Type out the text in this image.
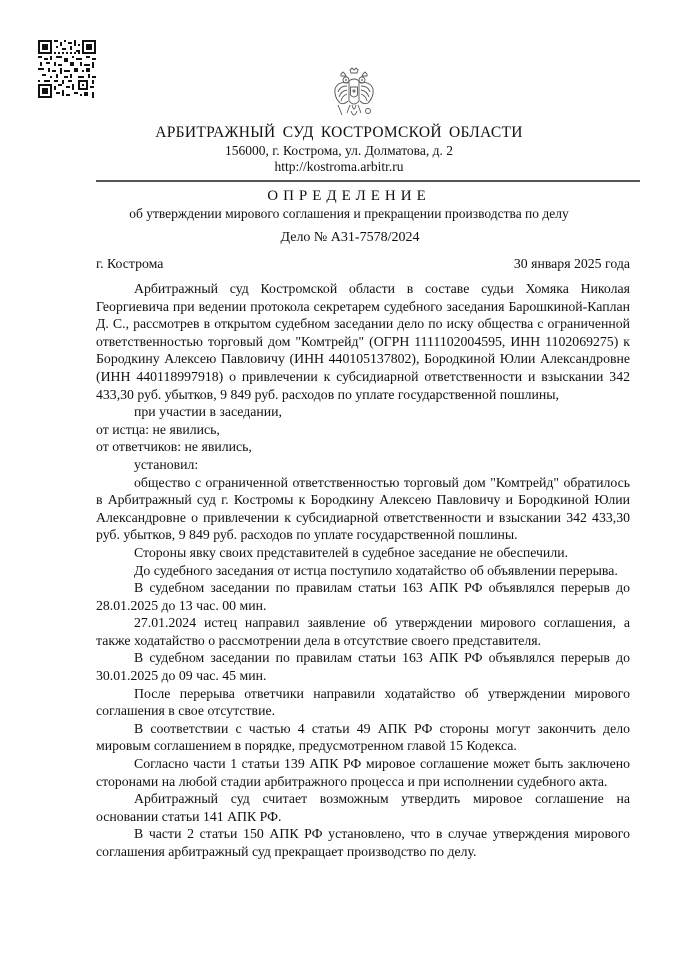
АРБИТРАЖНЫЙ СУД КОСТРОМСКОЙ ОБЛАСТИ
156000, г. Кострома, ул. Долматова, д. 2
http://kostroma.arbitr.ru
ОПРЕДЕЛЕНИЕ
об утверждении мирового соглашения и прекращении производства по делу
Дело № А31-7578/2024
г. Кострома	30 января 2025 года

Арбитражный суд Костромской области в составе судьи Хомяка Николая Георгиевича при ведении протокола секретарем судебного заседания Барошкиной-Каплан Д. С., рассмотрев в открытом судебном заседании дело по иску общества с ограниченной ответственностью торговый дом "Комтрейд" (ОГРН 1111102004595, ИНН 1102069275) к Бородкину Алексею Павловичу (ИНН 440105137802), Бородкиной Юлии Александровне (ИНН 440118997918) о привлечении к субсидиарной ответственности и взыскании 342 433,30 руб. убытков, 9 849 руб. расходов по уплате государственной пошлины,

при участии в заседании,

от истца: не явились,

от ответчиков: не явились,

установил:

общество с ограниченной ответственностью торговый дом "Комтрейд" обратилось в Арбитражный суд г. Костромы к Бородкину Алексею Павловичу и Бородкиной Юлии Александровне о привлечении к субсидиарной ответственности и взыскании 342 433,30 руб. убытков, 9 849 руб. расходов по уплате государственной пошлины.

Стороны явку своих представителей в судебное заседание не обеспечили.

До судебного заседания от истца поступило ходатайство об объявлении перерыва.

В судебном заседании по правилам статьи 163 АПК РФ объявлялся перерыв до 28.01.2025 до 13 час. 00 мин.

27.01.2024 истец направил заявление об утверждении мирового соглашения, а также ходатайство о рассмотрении дела в отсутствие своего представителя.

В судебном заседании по правилам статьи 163 АПК РФ объявлялся перерыв до 30.01.2025 до 09 час. 45 мин.

После перерыва ответчики направили ходатайство об утверждении мирового соглашения в свое отсутствие.

В соответствии с частью 4 статьи 49 АПК РФ стороны могут закончить дело мировым соглашением в порядке, предусмотренном главой 15 Кодекса.

Согласно части 1 статьи 139 АПК РФ мировое соглашение может быть заключено сторонами на любой стадии арбитражного процесса и при исполнении судебного акта.

Арбитражный суд считает возможным утвердить мировое соглашение на основании статьи 141 АПК РФ.

В части 2 статьи 150 АПК РФ установлено, что в случае утверждения мирового соглашения арбитражный суд прекращает производство по делу.
